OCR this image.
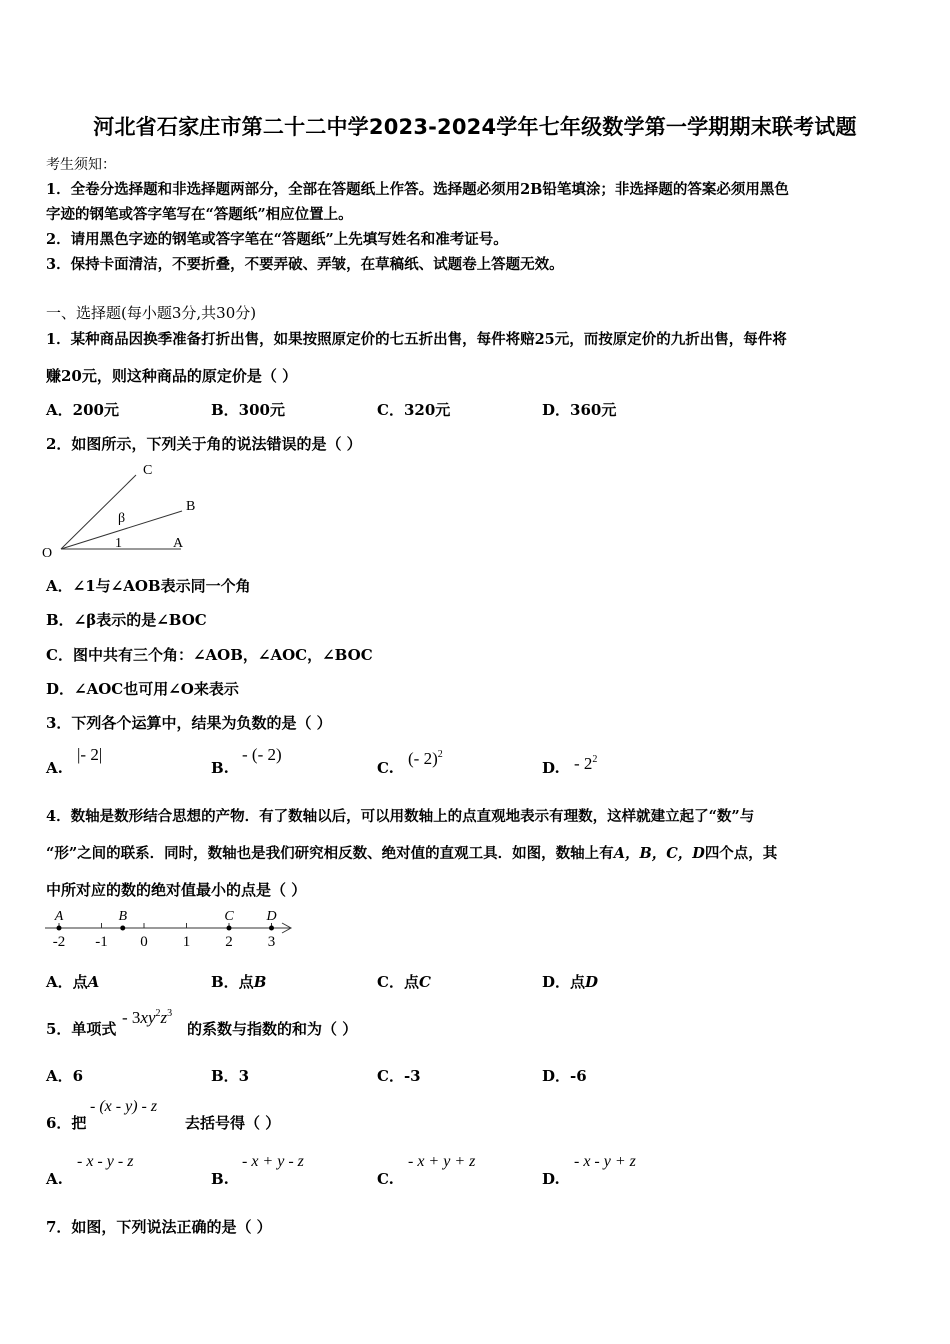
河北省石家庄市第二十二中学2023-2024学年七年级数学第一学期期末联考试题
考生须知：
1．全卷分选择题和非选择题两部分，全部在答题纸上作答。选择题必须用2B铅笔填涂；非选择题的答案必须用黑色
字迹的钢笔或答字笔写在“答题纸”相应位置上。
2．请用黑色字迹的钢笔或答字笔在“答题纸”上先填写姓名和准考证号。
3．保持卡面清洁，不要折叠，不要弄破、弄皱，在草稿纸、试题卷上答题无效。
一、选择题(每小题3分,共30分)
1．某种商品因换季准备打折出售，如果按照原定价的七五折出售，每件将赔25元，而按原定价的九折出售，每件将
赚20元，则这种商品的原定价是（ ）
A．200元	B．300元	C．320元	D．360元
2．如图所示，下列关于角的说法错误的是（ ）
O
A
B
C
β
1
A．∠1与∠AOB表示同一个角
B．∠β表示的是∠BOC
C．图中共有三个角：∠AOB，∠AOC，∠BOC
D．∠AOC也可用∠O来表示
3．下列各个运算中，结果为负数的是（ ）
A.
|- 2|
B.
- (- 2)
C. (- 2)$^2$
D. - $2^2$
4．数轴是数形结合思想的产物．有了数轴以后，可以用数轴上的点直观地表示有理数，这样就建立起了“数”与
“形”之间的联系．同时，数轴也是我们研究相反数、绝对值的直观工具．如图，数轴上有A，B，C，D四个点，其
中所对应的数的绝对值最小的点是（ ）
-2 -1 0 1 2 3
A	B	C D
A．点A	B．点B	C．点C	D．点D
5．单项式
- $3xy^2z^3$
的系数与指数的和为（ ）
A．6	B．3	C．-3	D．-6
6．把
- (x - y) - z
去括号得（ ）
A.
- x - y - z
B.
- x + y - z
C.
- x + y + z
D.
- x - y + z
7．如图，下列说法正确的是（ ）
